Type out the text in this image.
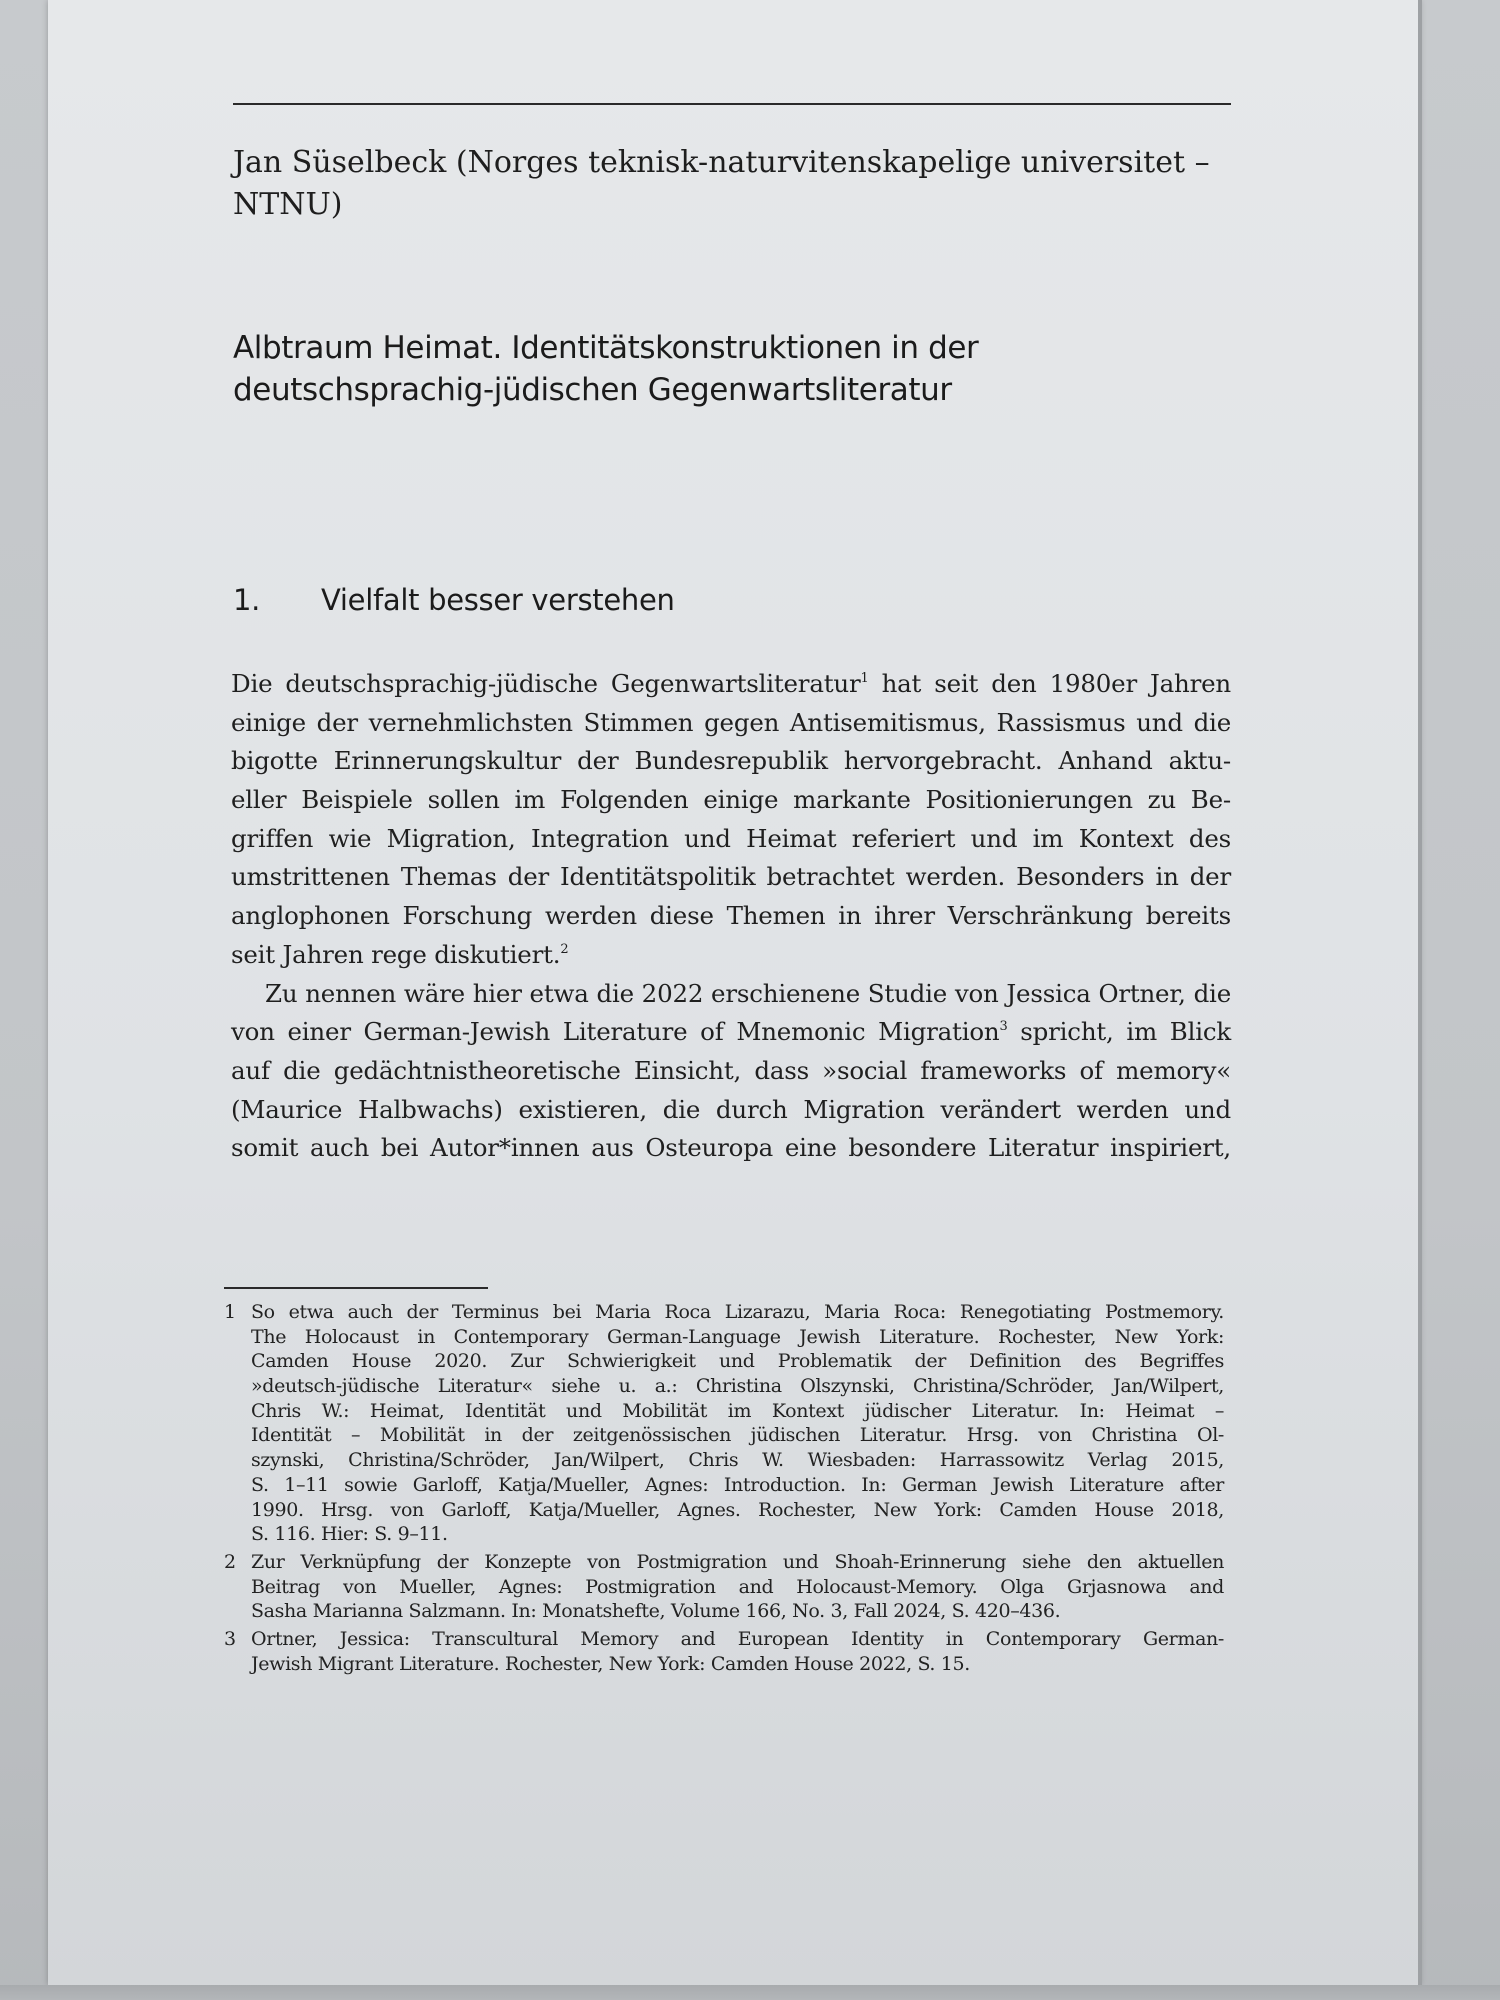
Jan Süselbeck (Norges teknisk-naturvitenskapelige universitet –
NTNU)
Albtraum Heimat. Identitätskonstruktionen in der
deutschsprachig-jüdischen Gegenwartsliteratur
1. Vielfalt besser verstehen
Die deutschsprachig-jüdische Gegenwartsliteratur$^1$ hat seit den 1980er Jahren
einige der vernehmlichsten Stimmen gegen Antisemitismus, Rassismus und die
bigotte Erinnerungskultur der Bundesrepublik hervorgebracht. Anhand aktu-
eller Beispiele sollen im Folgenden einige markante Positionierungen zu Be-
griffen wie Migration, Integration und Heimat referiert und im Kontext des
umstrittenen Themas der Identitätspolitik betrachtet werden. Besonders in der
anglophonen Forschung werden diese Themen in ihrer Verschränkung bereits
seit Jahren rege diskutiert.$^2$
Zu nennen wäre hier etwa die 2022 erschienene Studie von Jessica Ortner, die
von einer German-Jewish Literature of Mnemonic Migration$^3$ spricht, im Blick
auf die gedächtnistheoretische Einsicht, dass »social frameworks of memory«
(Maurice Halbwachs) existieren, die durch Migration verändert werden und
somit auch bei Autor*innen aus Osteuropa eine besondere Literatur inspiriert,
1 So etwa auch der Terminus bei Maria Roca Lizarazu, Maria Roca: Renegotiating Postmemory.
The Holocaust in Contemporary German-Language Jewish Literature. Rochester, New York:
Camden House 2020. Zur Schwierigkeit und Problematik der Definition des Begriffes
»deutsch-jüdische Literatur« siehe u. a.: Christina Olszynski, Christina/Schröder, Jan/Wilpert,
Chris W.: Heimat, Identität und Mobilität im Kontext jüdischer Literatur. In: Heimat –
Identität – Mobilität in der zeitgenössischen jüdischen Literatur. Hrsg. von Christina Ol-
szynski, Christina/Schröder, Jan/Wilpert, Chris W. Wiesbaden: Harrassowitz Verlag 2015,
S. 1–11 sowie Garloff, Katja/Mueller, Agnes: Introduction. In: German Jewish Literature after
1990. Hrsg. von Garloff, Katja/Mueller, Agnes. Rochester, New York: Camden House 2018,
S. 116. Hier: S. 9–11.
2 Zur Verknüpfung der Konzepte von Postmigration und Shoah-Erinnerung siehe den aktuellen
Beitrag von Mueller, Agnes: Postmigration and Holocaust-Memory. Olga Grjasnowa and
Sasha Marianna Salzmann. In: Monatshefte, Volume 166, No. 3, Fall 2024, S. 420–436.
3 Ortner, Jessica: Transcultural Memory and European Identity in Contemporary German-
Jewish Migrant Literature. Rochester, New York: Camden House 2022, S. 15.
